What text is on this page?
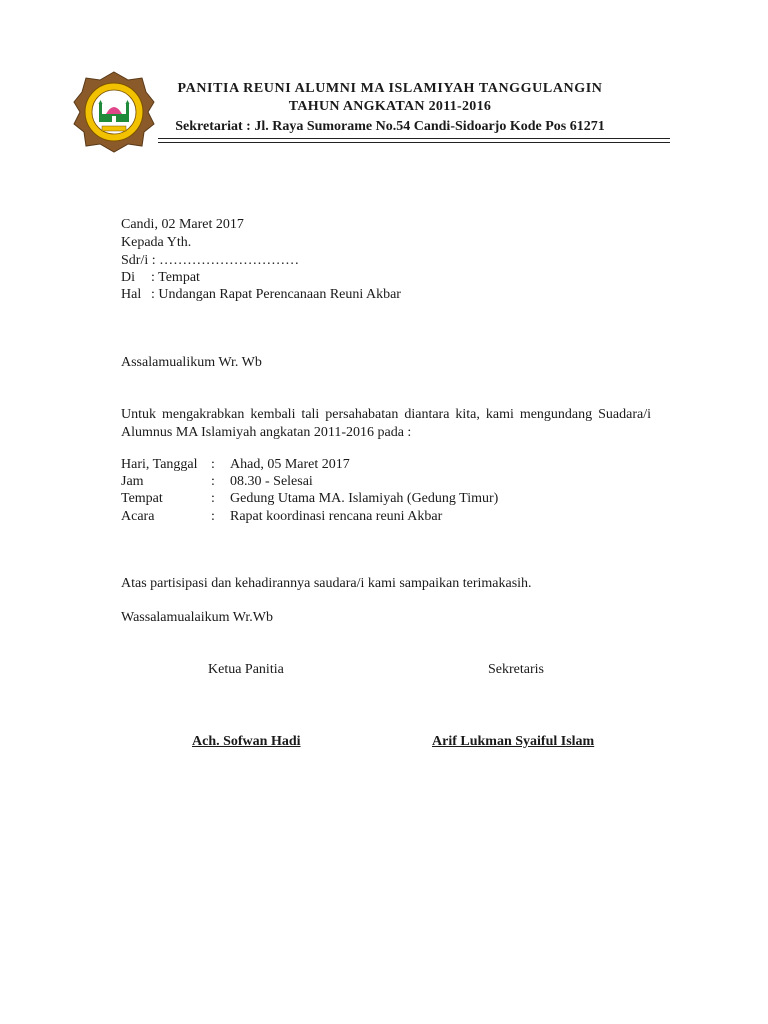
PANITIA REUNI ALUMNI MA ISLAMIYAH TANGGULANGIN
TAHUN ANGKATAN 2011-2016
Sekretariat : Jl. Raya Sumorame No.54 Candi-Sidoarjo Kode Pos 61271
Candi, 02 Maret 2017
Kepada Yth.
Sdr/i : …………………………
Di : Tempat
Hal : Undangan Rapat Perencanaan Reuni Akbar
Assalamualikum Wr. Wb
Untuk mengakrabkan kembali tali persahabatan diantara kita, kami mengundang Suadara/i
Alumnus MA Islamiyah angkatan 2011-2016 pada :
Hari, Tanggal : Ahad, 05 Maret 2017
Jam	: 08.30 - Selesai
Tempat	: Gedung Utama MA. Islamiyah (Gedung Timur)
Acara	: Rapat koordinasi rencana reuni Akbar
Atas partisipasi dan kehadirannya saudara/i kami sampaikan terimakasih.
Wassalamualaikum Wr.Wb
Ketua Panitia	Sekretaris
Ach. Sofwan Hadi	Arif Lukman Syaiful Islam
